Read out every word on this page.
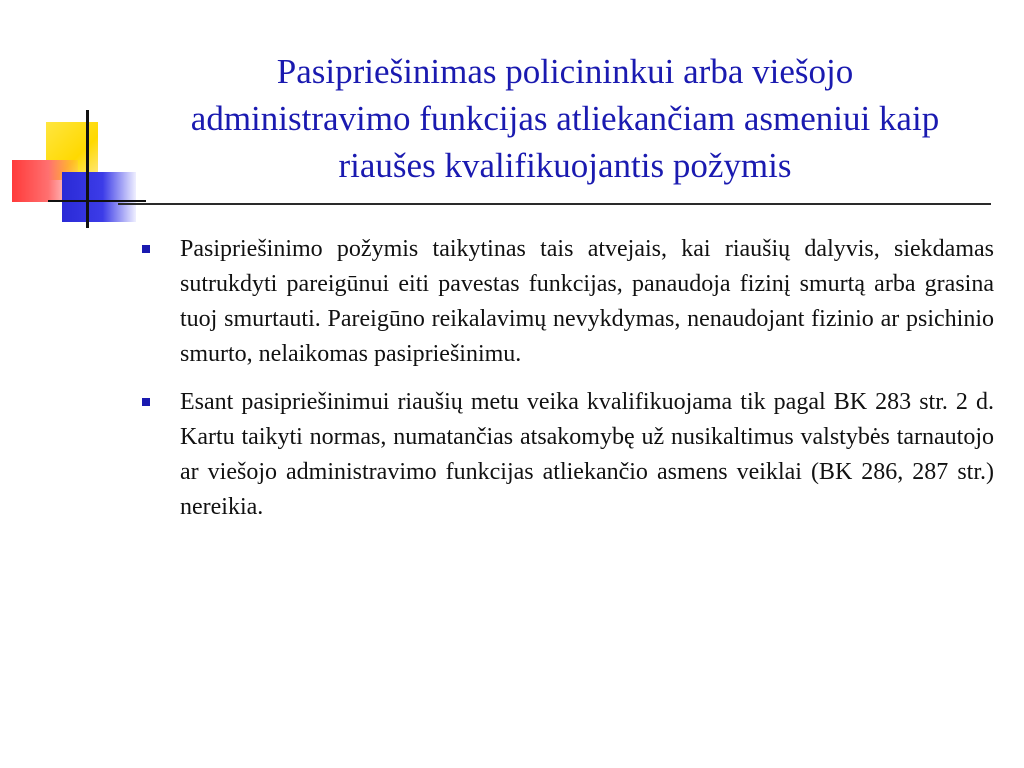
Pasipriešinimas policininkui arba viešojo
administravimo funkcijas atliekančiam asmeniui kaip
riaušes kvalifikuojantis požymis
Pasipriešinimo požymis taikytinas tais atvejais, kai riaušių dalyvis, siekdamas sutrukdyti pareigūnui eiti pavestas funkcijas, panaudoja fizinį smurtą arba grasina tuoj smurtauti. Pareigūno reikalavimų nevykdymas, nenaudojant fizinio ar psichinio smurto, nelaikomas pasipriešinimu.
Esant pasipriešinimui riaušių metu veika kvalifikuojama tik pagal BK 283 str. 2 d. Kartu taikyti normas, numatančias atsakomybę už nusikaltimus valstybės tarnautojo ar viešojo administravimo funkcijas atliekančio asmens veiklai (BK 286, 287 str.) nereikia.
